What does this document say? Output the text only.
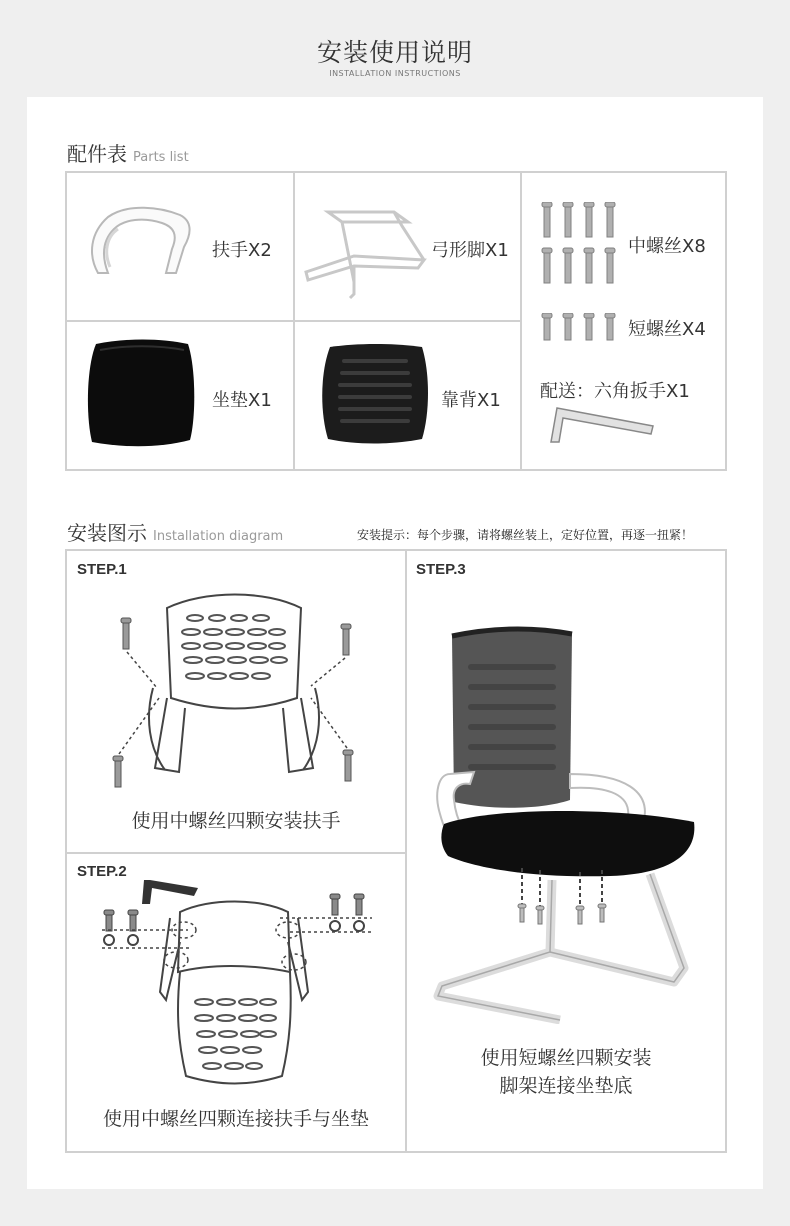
安装使用说明
INSTALLATION INSTRUCTIONS
配件表 Parts list
扶手X2	弓形脚X1	中螺丝X8
短螺丝X4
配送：六角扳手X1
坐垫X1	靠背X1
安装图示 Installation diagram	安装提示：每个步骤，请将螺丝装上，定好位置，再逐一扭紧！
STEP.1
使用中螺丝四颗安装扶手
STEP.2
使用中螺丝四颗连接扶手与坐垫
STEP.3
使用短螺丝四颗安装
脚架连接坐垫底
